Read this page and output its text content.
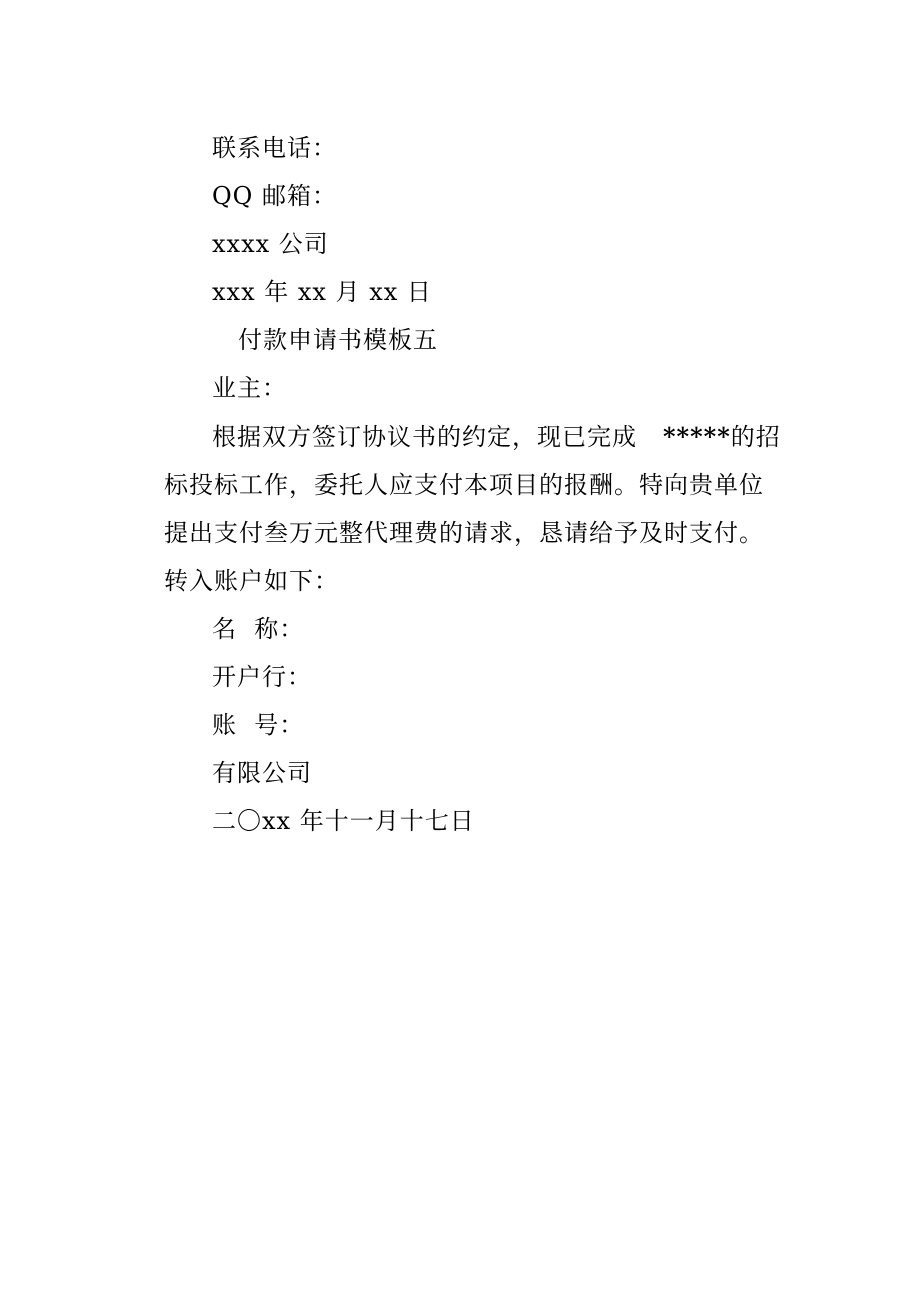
联系电话：
QQ 邮箱：
xxxx 公司
xxx 年 xx 月 xx 日
付款申请书模板五
业主：
根据双方签订协议书的约定，现已完成 *****的招
标投标工作，委托人应支付本项目的报酬。特向贵单位
提出支付叁万元整代理费的请求，恳请给予及时支付。
转入账户如下：
名  称：
开户行：
账  号：
有限公司
二〇xx 年十一月十七日
